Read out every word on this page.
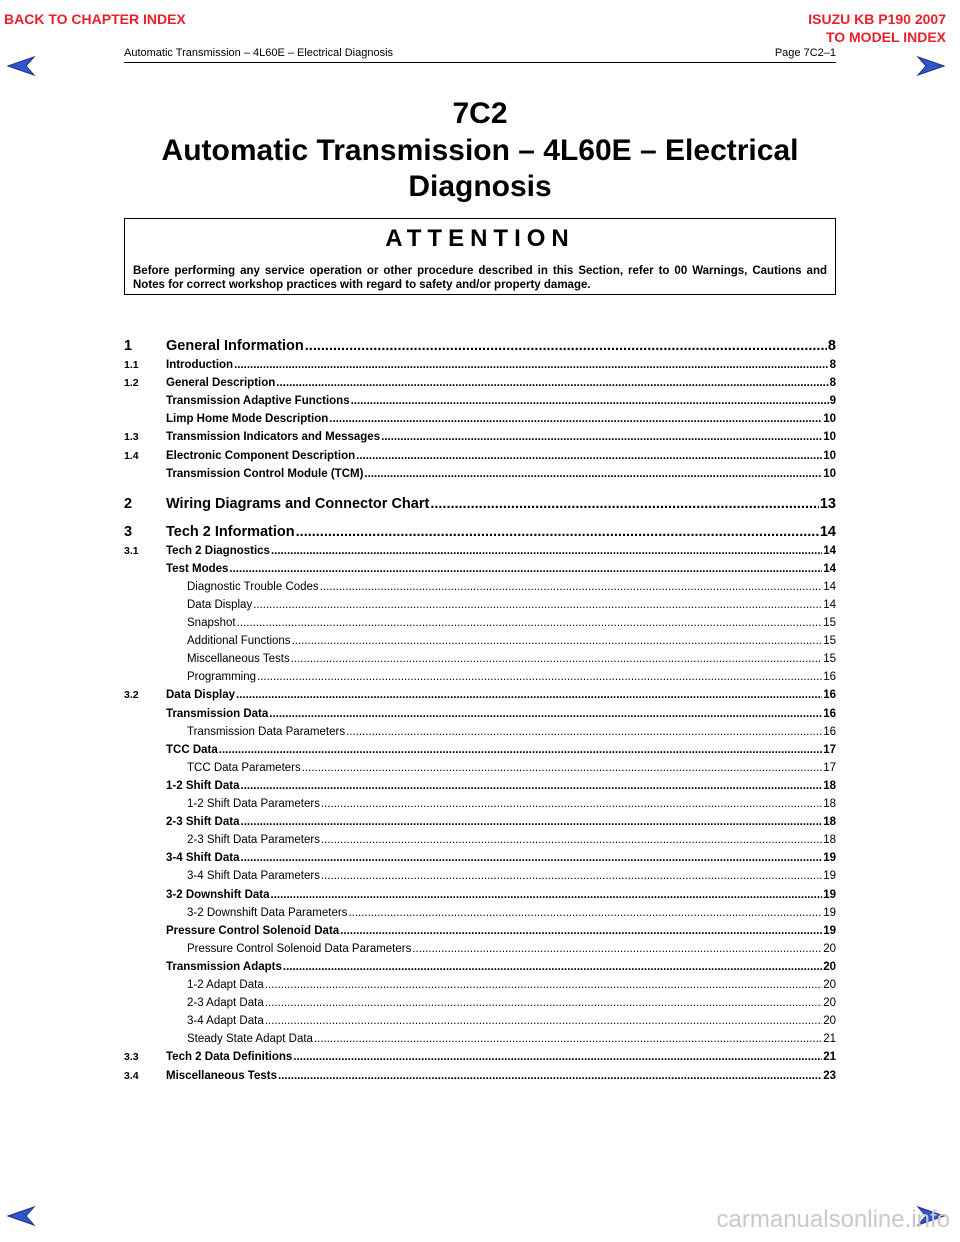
BACK TO CHAPTER INDEX	ISUZU KB P190 2007
TO MODEL INDEX
Automatic Transmission – 4L60E – Electrical Diagnosis	Page 7C2–1
7C2
Automatic Transmission – 4L60E – Electrical
Diagnosis
ATTENTION
Before performing any service operation or other procedure described in this Section, refer to 00 Warnings, Cautions and Notes for correct workshop practices with regard to safety and/or property damage.
1	General Information .....	8
1.1	Introduction .....	8
1.2	General Description .....	8
Transmission Adaptive Functions .....	9
Limp Home Mode Description .....	10
1.3	Transmission Indicators and Messages .....	10
1.4	Electronic Component Description .....	10
Transmission Control Module (TCM) .....	10
2	Wiring Diagrams and Connector Chart .....	13
3	Tech 2 Information .....	14
3.1	Tech 2 Diagnostics .....	14
Test Modes .....	14
Diagnostic Trouble Codes .....	14
Data Display .....	14
Snapshot .....	15
Additional Functions .....	15
Miscellaneous Tests .....	15
Programming .....	16
3.2	Data Display .....	16
Transmission Data .....	16
Transmission Data Parameters .....	16
TCC Data .....	17
TCC Data Parameters .....	17
1-2 Shift Data .....	18
1-2 Shift Data Parameters .....	18
2-3 Shift Data .....	18
2-3 Shift Data Parameters .....	18
3-4 Shift Data .....	19
3-4 Shift Data Parameters .....	19
3-2 Downshift Data .....	19
3-2 Downshift Data Parameters .....	19
Pressure Control Solenoid Data .....	19
Pressure Control Solenoid Data Parameters .....	20
Transmission Adapts .....	20
1-2 Adapt Data .....	20
2-3 Adapt Data .....	20
3-4 Adapt Data .....	20
Steady State Adapt Data .....	21
3.3	Tech 2 Data Definitions .....	21
3.4	Miscellaneous Tests .....	23
carmanualsonline.info
